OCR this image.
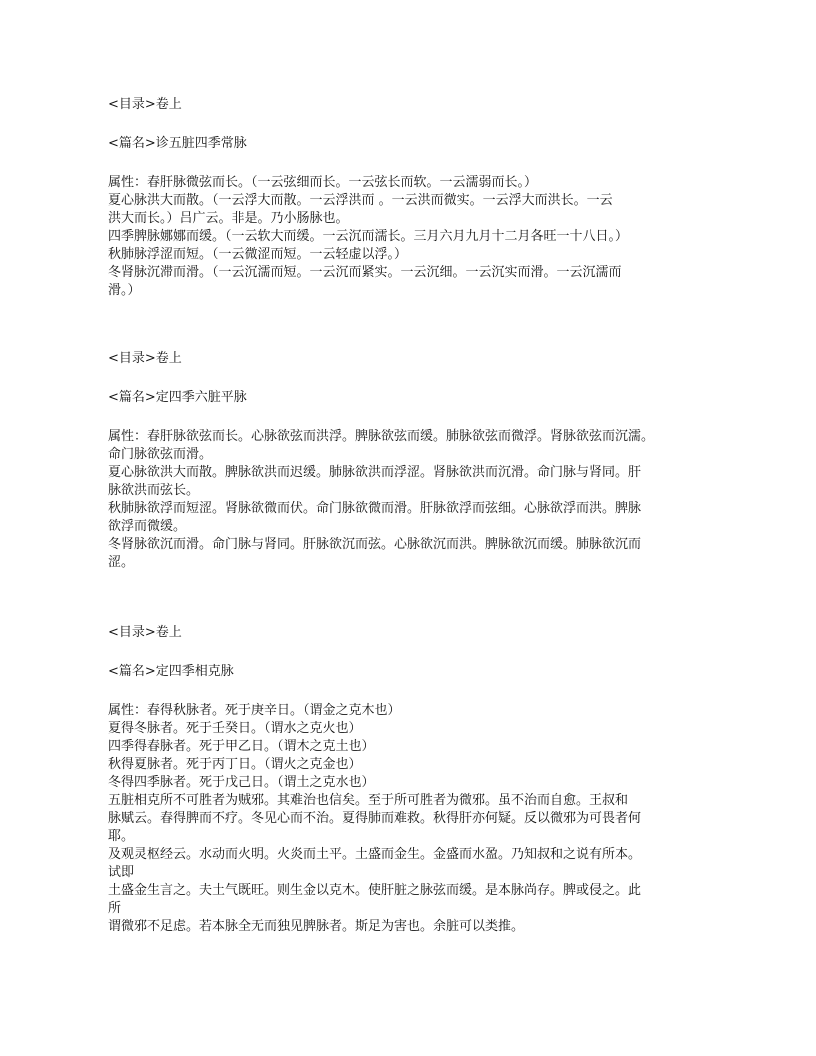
<目录>卷上

<篇名>诊五脏四季常脉

属性：春肝脉微弦而长。（一云弦细而长。一云弦长而软。一云濡弱而长。）

夏心脉洪大而散。（一云浮大而散。一云浮洪而 。一云洪而微实。一云浮大而洪长。一云

洪大而长。）吕广云。非是。乃小肠脉也。

四季脾脉娜娜而缓。（一云软大而缓。一云沉而濡长。三月六月九月十二月各旺一十八日。）

秋肺脉浮涩而短。（一云微涩而短。一云轻虚以浮。）

冬肾脉沉滞而滑。（一云沉濡而短。一云沉而紧实。一云沉细。一云沉实而滑。一云沉濡而

滑。）

<目录>卷上

<篇名>定四季六脏平脉

属性：春肝脉欲弦而长。心脉欲弦而洪浮。脾脉欲弦而缓。肺脉欲弦而微浮。肾脉欲弦而沉濡。

命门脉欲弦而滑。

夏心脉欲洪大而散。脾脉欲洪而迟缓。肺脉欲洪而浮涩。肾脉欲洪而沉滑。命门脉与肾同。肝

脉欲洪而弦长。

秋肺脉欲浮而短涩。肾脉欲微而伏。命门脉欲微而滑。肝脉欲浮而弦细。心脉欲浮而洪。脾脉

欲浮而微缓。

冬肾脉欲沉而滑。命门脉与肾同。肝脉欲沉而弦。心脉欲沉而洪。脾脉欲沉而缓。肺脉欲沉而

涩。

<目录>卷上

<篇名>定四季相克脉

属性：春得秋脉者。死于庚辛日。（谓金之克木也）

夏得冬脉者。死于壬癸日。（谓水之克火也）

四季得春脉者。死于甲乙日。（谓木之克土也）

秋得夏脉者。死于丙丁日。（谓火之克金也）

冬得四季脉者。死于戊己日。（谓土之克水也）

五脏相克所不可胜者为贼邪。其难治也信矣。至于所可胜者为微邪。虽不治而自愈。王叔和

脉赋云。春得脾而不疗。冬见心而不治。夏得肺而难救。秋得肝亦何疑。反以微邪为可畏者何

耶。

及观灵枢经云。水动而火明。火炎而土平。土盛而金生。金盛而水盈。乃知叔和之说有所本。

试即

土盛金生言之。夫土气既旺。则生金以克木。使肝脏之脉弦而缓。是本脉尚存。脾或侵之。此

所

谓微邪不足虑。若本脉全无而独见脾脉者。斯足为害也。余脏可以类推。
